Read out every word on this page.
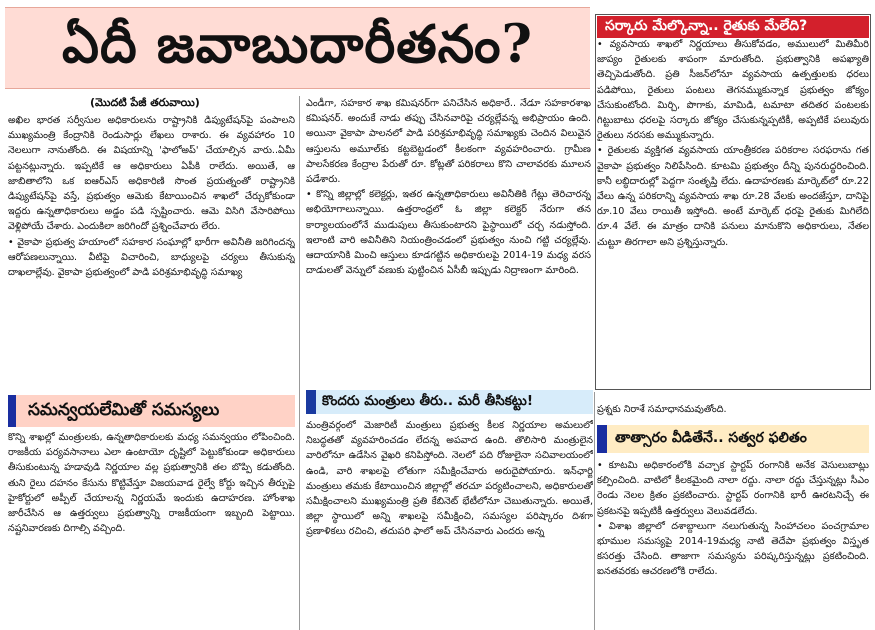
ఏదీ జవాబుదారీతనం?
(మొదటి పేజీ తరువాయి)

అఖిల భారత సర్వీసుల అధికారులను రాష్ట్రానికి డిప్యుటేషన్‌పై పంపాలని ముఖ్యమంత్రి కేంద్రానికి రెండుసార్లు లేఖలు రాశారు. ఈ వ్యవహారం 10 నెలలుగా నానుతోంది. ఈ విషయాన్ని 'ఫాలోఅప్' చేయాల్సిన వారు..ఏమీ పట్టనట్లున్నారు. ఇప్పటికే ఆ అధికారులు ఏపీకి రాలేదు. అయితే, ఆ జాబితాలోని ఒక ఐఆర్ఎస్ అధికారిణి సొంత ప్రయత్నంతో రాష్ట్రానికి డిప్యుటేషన్‌పై వస్తే, ప్రభుత్వం ఆమెకు కేటాయించిన శాఖలో చేర్చుకోకుండా ఇద్దరు ఉన్నతాధికారులు అడ్డం పడి స్పష్టించారు. ఆమె విసిగి వేసారిపోయి వెళ్లిపోయే చేశారు. ఎందుకిలా జరిగిందో ప్రశ్నించేవారు లేరు.

• వైకాపా ప్రభుత్వ హయాంలో సహకార సంఘాల్లో భారీగా అవినీతి జరిగిందన్న ఆరోపణలున్నాయి. వీటిపై విచారించి, బాధ్యులపై చర్యలు తీసుకున్న దాఖలాల్లేవు. వైకాపా ప్రభుత్వంలో పాడి పరిశ్రమాభివృద్ధి సమాఖ్య

సమన్వయలేమితో సమస్యలు

కొన్ని శాఖల్లో మంత్రులకు, ఉన్నతాధికారులకు మధ్య సమన్వయం లోపించింది. రాజకీయ పర్యవసానాలు ఎలా ఉంటాయో దృష్టిలో పెట్టుకోకుండా అధికారులు తీసుకుంటున్న హడావుడి నిర్ణయాల వల్ల ప్రభుత్వానికి తల బొప్పి కడుతోంది. తుని రైలు దహనం కేసును కొట్టివేస్తూ విజయవాడ రైల్వే కోర్టు ఇచ్చిన తీర్పుపై హైకోర్టులో అప్పీల్ చేయాలన్న నిర్ణయమే ఇందుకు ఉదాహరణ. హోంశాఖ జారీచేసిన ఆ ఉత్తర్వులు ప్రభుత్వాన్ని రాజకీయంగా ఇబ్బంది పెట్టాయి. నష్టనివారణకు దిగాల్సి వచ్చింది.

ఎండీగా, సహకార శాఖ కమిషనర్‌గా పనిచేసిన అధికారే.. నేడూ సహకారశాఖ కమిషనర్. అందుకే నాడు తప్పు చేసినవారిపై చర్యల్లేవన్న అభిప్రాయం ఉంది. అయినా వైకాపా పాలనలో పాడి పరిశ్రమాభివృద్ధి సమాఖ్యకు చెందిన విలువైన ఆస్తులను అమూల్‌కు కట్టబెట్టడంలో కీలకంగా వ్యవహరించారు. గ్రామీణ పాలసేకరణ కేంద్రాల పేరుతో రూ. కోట్లతో పరికరాలు కొని చాలావరకు మూలన పడేశారు.

• కొన్ని జిల్లాల్లో కలెక్టర్లు, ఇతర ఉన్నతాధికారులు అవినీతికి గేట్లు తెరిచారన్న అభియోగాలున్నాయి. ఉత్తరాంధ్రలో ఓ జిల్లా కలెక్టర్ నేరుగా తన కార్యాలయంలోనే ముడుపులు తీసుకుంటారని పైస్థాయిలో చర్చ నడుస్తోంది. ఇలాంటి వారి అవినీతిని నియంత్రించడంలో ప్రభుత్వం నుంచి గట్టి చర్యల్లేవు. ఆదాయానికి మించి ఆస్తులు కూడగట్టిన అధికారులపై 2014-19 మధ్య వరస దాడులతో వెన్నులో వణుకు పుట్టించిన ఏసీబీ ఇప్పుడు నిద్రాణంగా మారింది.

కొందరు మంత్రులు తీరు.. మరీ తీసికట్టు!

మంత్రివర్గంలో మెజారిటీ మంత్రులు ప్రభుత్వ కీలక నిర్ణయాల అమలులో నిబద్ధతతో వ్యవహరించడం లేదన్న అపవాద ఉంది. తొలిసారి మంత్రులైన వారిలోనూ ఉడేసిన వైఖరి కనిపిస్తోంది. నెలలో పది రోజులైనా సచివాలయంలో ఉండి, వారి శాఖలపై లోతుగా సమీక్షించేవారు అరుదైపోయారు. ఇన్‌ఛార్జి మంత్రులు తమకు కేటాయించిన జిల్లాల్లో తరచూ పర్యటించాలని, అధికారులతో సమీక్షించాలని ముఖ్యమంత్రి ప్రతి కేబినెట్ భేటీలోనూ చెబుతున్నారు. అయితే, జిల్లా స్థాయిలో అన్ని శాఖలపై సమీక్షించి, సమస్యల పరిష్కారం దిశగా ప్రణాళికలు రచించి, తదుపరి ఫాలో అప్ చేసినవారు ఎందరు అన్న

సర్కారు మేల్కొన్నా.. రైతుకు మేలేది?

• వ్యవసాయ శాఖలో నిర్ణయాలు తీసుకోవడం, అములులో మితిమీరి జాప్యం రైతులకు శాపంగా మారుతోంది. ప్రభుత్వానికి అపఖ్యాతి తెచ్చిపెడుతోంది. ప్రతి సీజన్‌లోనూ వ్యవసాయ ఉత్పత్తులకు ధరలు పడిపోయి, రైతులు పంటలు తెగనమ్ముకున్నాక ప్రభుత్వం జోక్యం చేసుకుంటోంది. మిర్చి, పొగాకు, మామిడి, టమాటా తదితర పంటలకు గిట్టుబాటు ధరలపై సర్కారు జోక్యం చేసుకున్నప్పటికీ, అప్పటికే పలువురు రైతులు నరసకు అమ్ముకున్నారు.

• రైతులకు వ్యక్తిగత వ్యవసాయ యాంత్రీకరణ పరికరాల సరఫరాను గత వైకాపా ప్రభుత్వం నిలిపేసింది. కూటమి ప్రభుత్వం దీన్ని పునరుద్ధరించింది. కానీ లబ్ధిదారుల్లో పెద్దగా సంతృప్తి లేదు. ఉదాహరణకు మార్కెట్‌లో రూ.22 వేలు ఉన్న పరికరాన్ని వ్యవసాయ శాఖ రూ.28 వేలకు అందజేస్తూ, దానిపై రూ.10 వేలు రాయితీ ఇస్తోంది. అంటే మార్కెట్ ధరపై రైతుకు మిగిలేది రూ.4 వేలే. ఈ మాత్రం దానికి పనులు మానుకొని అధికారులు, నేతల చుట్టూ తిరగాలా అని ప్రశ్నిస్తున్నారు.

ప్రశ్నకు నిరాశే సమాధానమవుతోంది.

తాత్సారం వీడితేనే.. సత్వర ఫలితం

• కూటమి అధికారంలోకి వచ్చాక స్టార్టప్ రంగానికి అనేక వెసులుబాట్లు కల్పించింది. వాటిలో కీలకమైంది నాలా రద్దు. నాలా రద్దు చేస్తున్నట్లు సీఎం రెండు నెలల క్రితం ప్రకటించారు. స్టార్టప్ రంగానికి భారీ ఊరటనిచ్చే ఈ ప్రకటనపై ఇప్పటికీ ఉత్తర్వులు వెలువడలేదు.

• విశాఖ జిల్లాలో దశాబ్దాలుగా నలుగుతున్న సింహాచలం పంచగ్రామాల భూముల సమస్యపై 2014-19మధ్య నాటి తెదేపా ప్రభుత్వం విస్తృత కసరత్తు చేసింది. తాజాగా సమస్యను పరిష్కరిస్తున్నట్లు ప్రకటించింది. ఐనతవరకు ఆచరణలోకి రాలేదు.
